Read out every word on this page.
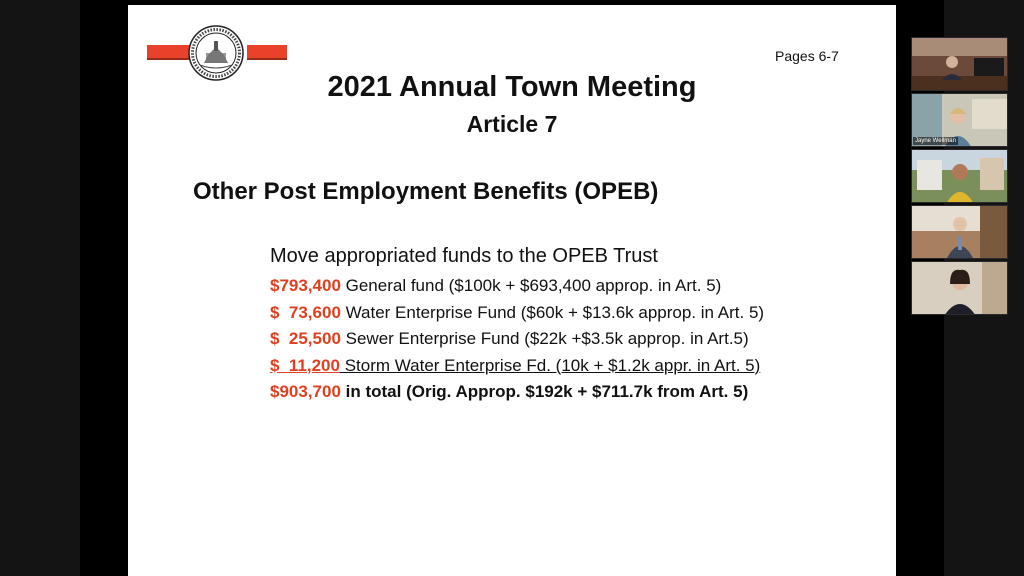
Pages 6-7
2021 Annual Town Meeting
Article 7
Other Post Employment Benefits (OPEB)
Move appropriated funds to the OPEB Trust
$793,400 General fund ($100k + $693,400 approp. in Art. 5)
$  73,600 Water Enterprise Fund ($60k + $13.6k approp. in Art. 5)
$  25,500 Sewer Enterprise Fund ($22k +$3.5k approp. in Art.5)
$  11,200 Storm Water Enterprise Fd. (10k + $1.2k appr. in Art. 5)
$903,700 in total (Orig. Approp. $192k + $711.7k from Art. 5)
Jayne Wellman
